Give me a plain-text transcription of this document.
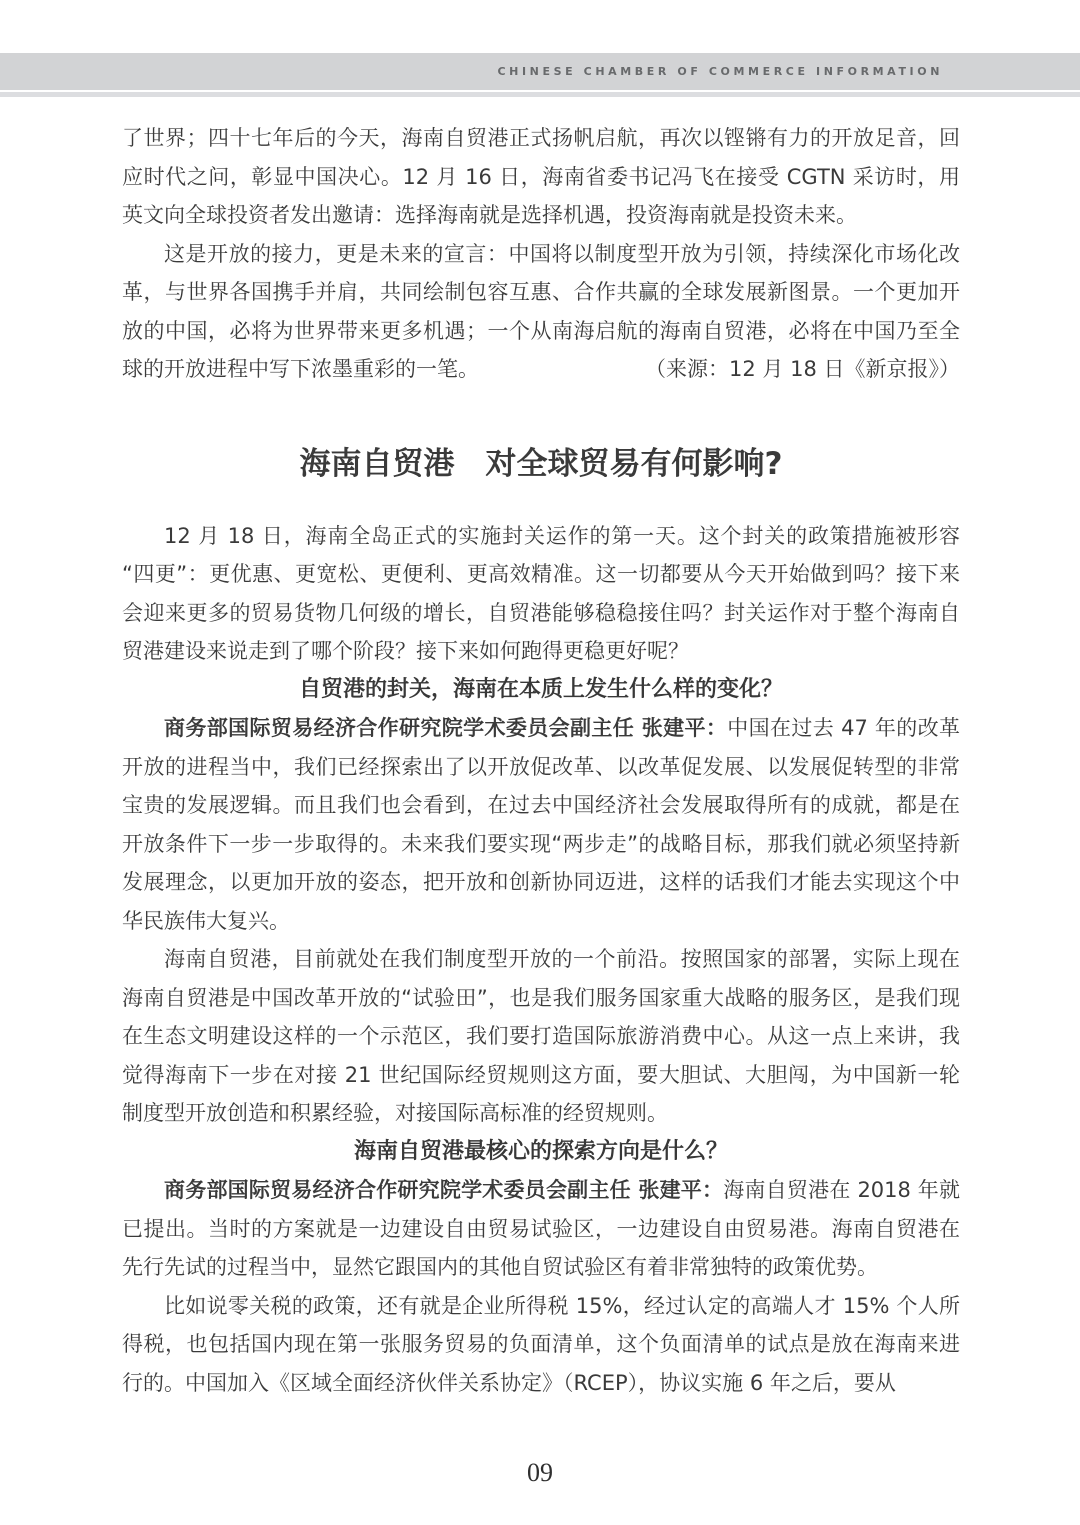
CHINESE CHAMBER OF COMMERCE INFORMATION

了世界；四十七年后的今天，海南自贸港正式扬帆启航，再次以铿锵有力的开放足音，回应时代之问，彰显中国决心。12 月 16 日，海南省委书记冯飞在接受 CGTN 采访时，用英文向全球投资者发出邀请：选择海南就是选择机遇，投资海南就是投资未来。

这是开放的接力，更是未来的宣言：中国将以制度型开放为引领，持续深化市场化改革，与世界各国携手并肩，共同绘制包容互惠、合作共赢的全球发展新图景。一个更加开放的中国，必将为世界带来更多机遇；一个从南海启航的海南自贸港，必将在中国乃至全球的开放进程中写下浓墨重彩的一笔。	（来源：12 月 18 日《新京报》）

海南自贸港　对全球贸易有何影响?

12 月 18 日，海南全岛正式的实施封关运作的第一天。这个封关的政策措施被形容“四更”：更优惠、更宽松、更便利、更高效精准。这一切都要从今天开始做到吗？接下来会迎来更多的贸易货物几何级的增长，自贸港能够稳稳接住吗？封关运作对于整个海南自贸港建设来说走到了哪个阶段？接下来如何跑得更稳更好呢？

自贸港的封关，海南在本质上发生什么样的变化？

商务部国际贸易经济合作研究院学术委员会副主任 张建平：中国在过去 47 年的改革开放的进程当中，我们已经探索出了以开放促改革、以改革促发展、以发展促转型的非常宝贵的发展逻辑。而且我们也会看到，在过去中国经济社会发展取得所有的成就，都是在开放条件下一步一步取得的。未来我们要实现“两步走”的战略目标，那我们就必须坚持新发展理念，以更加开放的姿态，把开放和创新协同迈进，这样的话我们才能去实现这个中华民族伟大复兴。

海南自贸港，目前就处在我们制度型开放的一个前沿。按照国家的部署，实际上现在海南自贸港是中国改革开放的“试验田”，也是我们服务国家重大战略的服务区，是我们现在生态文明建设这样的一个示范区，我们要打造国际旅游消费中心。从这一点上来讲，我觉得海南下一步在对接 21 世纪国际经贸规则这方面，要大胆试、大胆闯，为中国新一轮制度型开放创造和积累经验，对接国际高标准的经贸规则。

海南自贸港最核心的探索方向是什么？

商务部国际贸易经济合作研究院学术委员会副主任 张建平：海南自贸港在 2018 年就已提出。当时的方案就是一边建设自由贸易试验区，一边建设自由贸易港。海南自贸港在先行先试的过程当中，显然它跟国内的其他自贸试验区有着非常独特的政策优势。

比如说零关税的政策，还有就是企业所得税 15%，经过认定的高端人才 15% 个人所得税，也包括国内现在第一张服务贸易的负面清单，这个负面清单的试点是放在海南来进行的。中国加入《区域全面经济伙伴关系协定》（RCEP），协议实施 6 年之后，要从

09
